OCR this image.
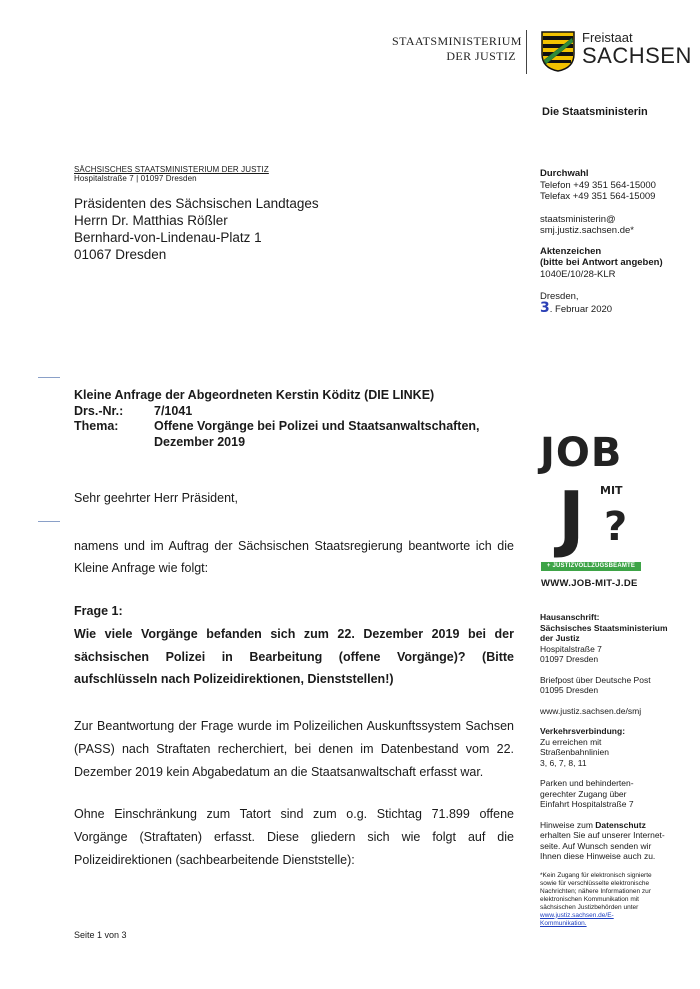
STAATSMINISTERIUM
DER JUSTIZ
Freistaat
SACHSEN
Die Staatsministerin
SÄCHSISCHES STAATSMINISTERIUM DER JUSTIZ
Hospitalstraße 7 | 01097 Dresden
Präsidenten des Sächsischen Landtages
Herrn Dr. Matthias Rößler
Bernhard-von-Lindenau-Platz 1
01067 Dresden
Durchwahl
Telefon +49 351 564-15000
Telefax +49 351 564-15009
staatsministerin@
smj.justiz.sachsen.de*
Aktenzeichen
(bitte bei Antwort angeben)
1040E/10/28-KLR
Dresden,
3. Februar 2020
Kleine Anfrage der Abgeordneten Kerstin Köditz (DIE LINKE)
Drs.-Nr.: 7/1041
Thema:	Offene Vorgänge bei Polizei und Staatsanwaltschaften,
Dezember 2019
Sehr geehrter Herr Präsident,
namens und im Auftrag der Sächsischen Staatsregierung beantworte ich die Kleine Anfrage wie folgt:
Frage 1:
Wie viele Vorgänge befanden sich zum 22. Dezember 2019 bei der sächsischen Polizei in Bearbeitung (offene Vorgänge)? (Bitte aufschlüsseln nach Polizeidirektionen, Dienststellen!)
Zur Beantwortung der Frage wurde im Polizeilichen Auskunftssystem Sachsen (PASS) nach Straftaten recherchiert, bei denen im Datenbestand vom 22. Dezember 2019 kein Abgabedatum an die Staatsanwaltschaft erfasst war.
Ohne Einschränkung zum Tatort sind zum o.g. Stichtag 71.899 offene Vorgänge (Straftaten) erfasst. Diese gliedern sich wie folgt auf die Polizeidirektionen (sachbearbeitende Dienststelle):
JOB
MIT
J ?
+ JUSTIZVOLLZUGSBEAMTE
WWW.JOB-MIT-J.DE
Hausanschrift:
Sächsisches Staatsministerium
der Justiz
Hospitalstraße 7
01097 Dresden
Briefpost über Deutsche Post
01095 Dresden
www.justiz.sachsen.de/smj
Verkehrsverbindung:
Zu erreichen mit
Straßenbahnlinien
3, 6, 7, 8, 11
Parken und behinderten-
gerechter Zugang über
Einfahrt Hospitalstraße 7
Hinweise zum Datenschutz
erhalten Sie auf unserer Internet-
seite. Auf Wunsch senden wir
Ihnen diese Hinweise auch zu.
*Kein Zugang für elektronisch signierte
sowie für verschlüsselte elektronische
Nachrichten; nähere Informationen zur
elektronischen Kommunikation mit
sächsischen Justizbehörden unter
www.justiz.sachsen.de/E-
Kommunikation.
Seite 1 von 3
